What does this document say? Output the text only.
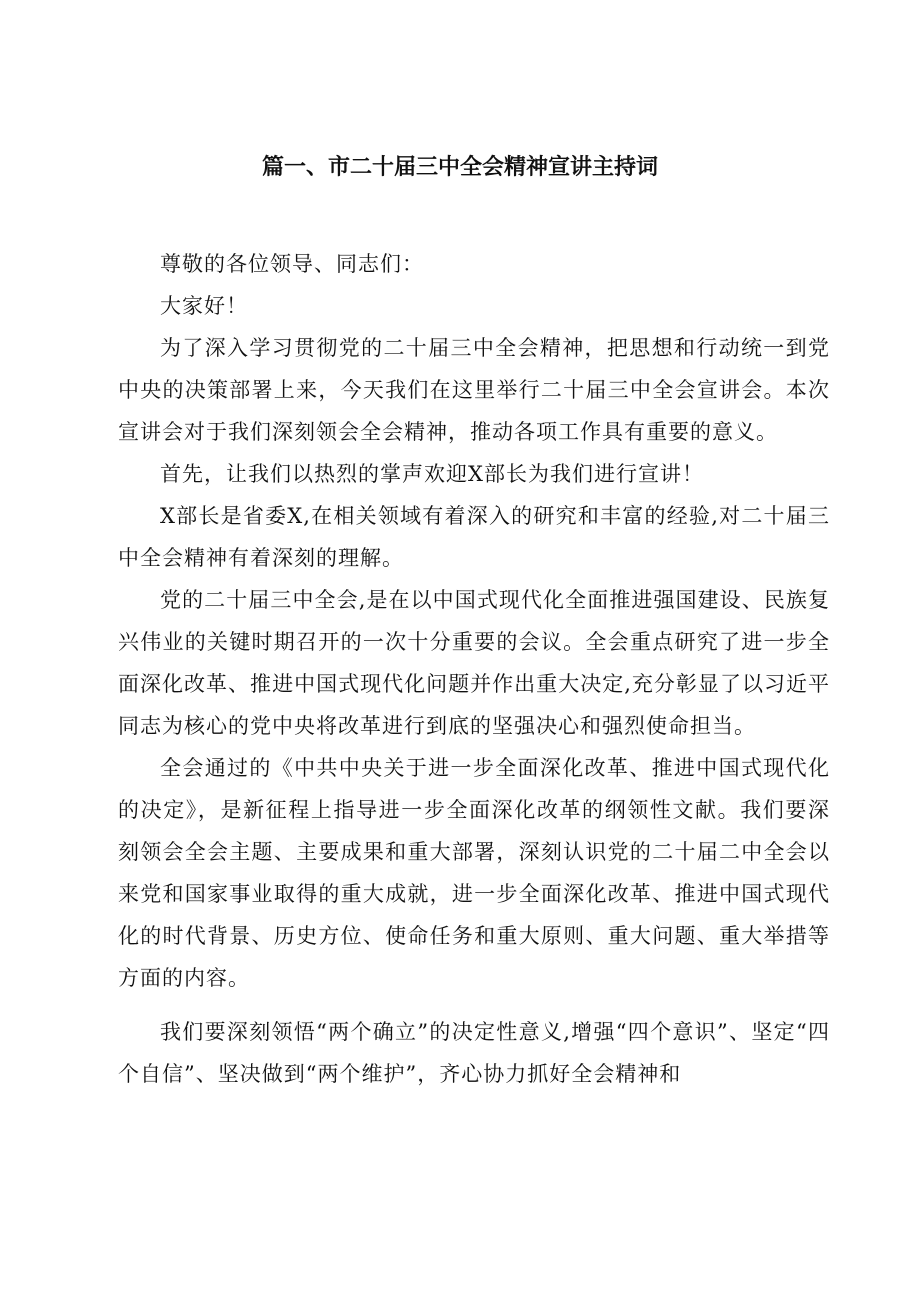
篇一、市二十届三中全会精神宣讲主持词

尊敬的各位领导、同志们：

大家好！

为了深入学习贯彻党的二十届三中全会精神，把思想和行动统一到党中央的决策部署上来，今天我们在这里举行二十届三中全会宣讲会。本次宣讲会对于我们深刻领会全会精神，推动各项工作具有重要的意义。

首先，让我们以热烈的掌声欢迎X部长为我们进行宣讲！

X部长是省委X,在相关领域有着深入的研究和丰富的经验,对二十届三中全会精神有着深刻的理解。

党的二十届三中全会,是在以中国式现代化全面推进强国建设、民族复兴伟业的关键时期召开的一次十分重要的会议。全会重点研究了进一步全面深化改革、推进中国式现代化问题并作出重大决定,充分彰显了以习近平同志为核心的党中央将改革进行到底的坚强决心和强烈使命担当。

全会通过的《中共中央关于进一步全面深化改革、推进中国式现代化的决定》，是新征程上指导进一步全面深化改革的纲领性文献。我们要深刻领会全会主题、主要成果和重大部署，深刻认识党的二十届二中全会以来党和国家事业取得的重大成就，进一步全面深化改革、推进中国式现代化的时代背景、历史方位、使命任务和重大原则、重大问题、重大举措等方面的内容。

我们要深刻领悟“两个确立”的决定性意义,增强“四个意识”、坚定“四个自信”、坚决做到“两个维护”，齐心协力抓好全会精神和
